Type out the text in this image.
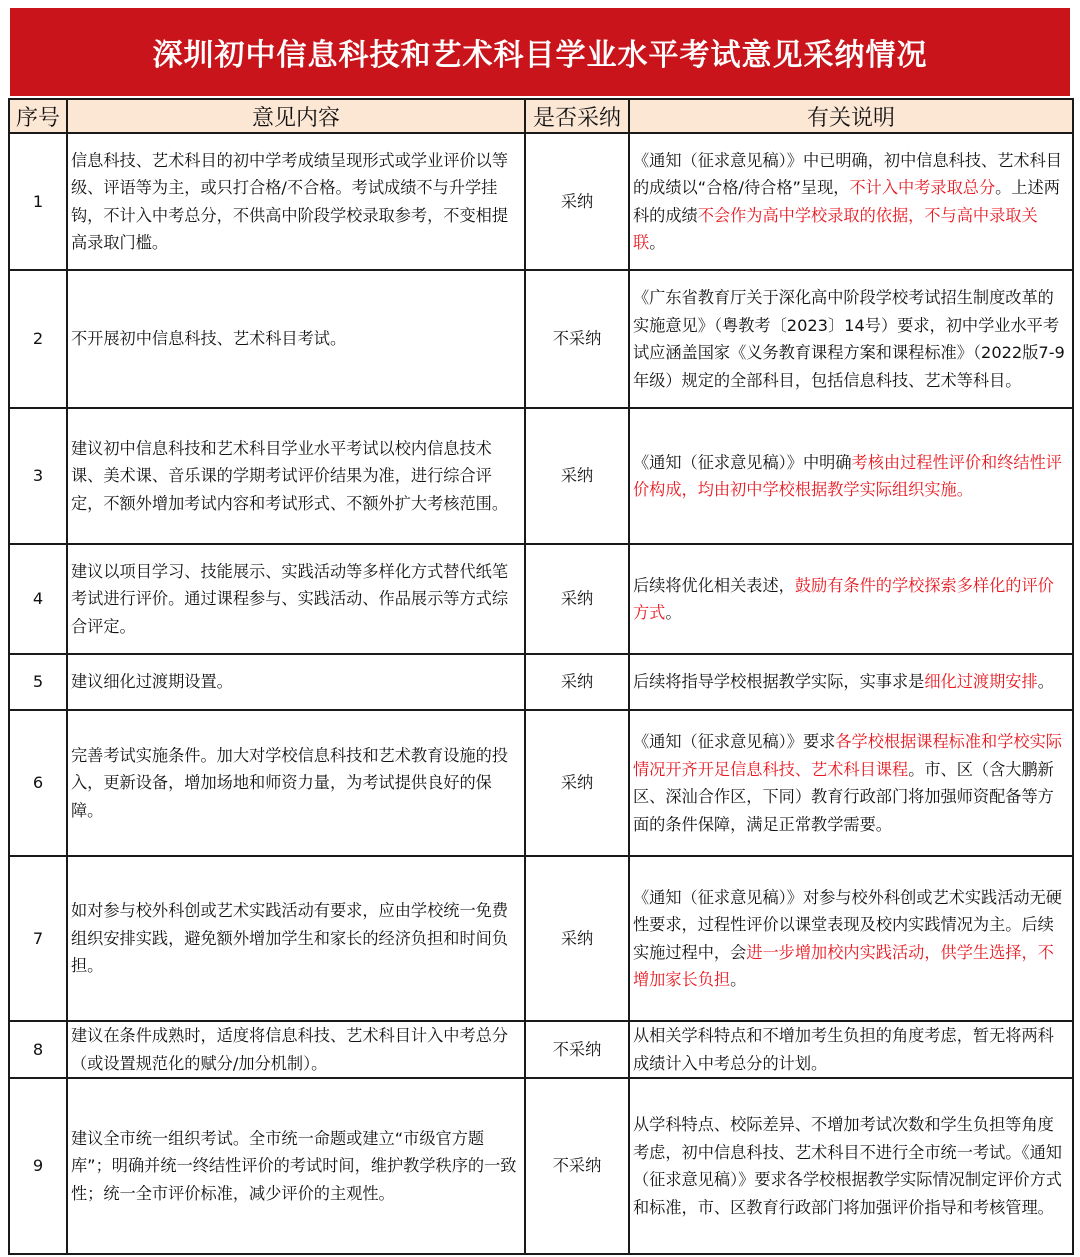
深圳初中信息科技和艺术科目学业水平考试意见采纳情况
序号	意见内容	是否采纳	有关说明
1	信息科技、艺术科目的初中学考成绩呈现形式或学业评价以等级、评语等为主，或只打合格/不合格。考试成绩不与升学挂钩，不计入中考总分，不供高中阶段学校录取参考，不变相提高录取门槛。	采纳	《通知（征求意见稿）》中已明确，初中信息科技、艺术科目的成绩以“合格/待合格”呈现，不计入中考录取总分。上述两科的成绩不会作为高中学校录取的依据，不与高中录取关联。
2	不开展初中信息科技、艺术科目考试。	不采纳	《广东省教育厅关于深化高中阶段学校考试招生制度改革的实施意见》（粤教考〔2023〕14号）要求，初中学业水平考试应涵盖国家《义务教育课程方案和课程标准》（2022版7-9年级）规定的全部科目，包括信息科技、艺术等科目。
3	建议初中信息科技和艺术科目学业水平考试以校内信息技术课、美术课、音乐课的学期考试评价结果为准，进行综合评定，不额外增加考试内容和考试形式、不额外扩大考核范围。	采纳	《通知（征求意见稿）》中明确考核由过程性评价和终结性评价构成，均由初中学校根据教学实际组织实施。
4	建议以项目学习、技能展示、实践活动等多样化方式替代纸笔考试进行评价。通过课程参与、实践活动、作品展示等方式综合评定。	采纳	后续将优化相关表述，鼓励有条件的学校探索多样化的评价方式。
5	建议细化过渡期设置。	采纳	后续将指导学校根据教学实际，实事求是细化过渡期安排。
6	完善考试实施条件。加大对学校信息科技和艺术教育设施的投入，更新设备，增加场地和师资力量，为考试提供良好的保障。	采纳	《通知（征求意见稿）》要求各学校根据课程标准和学校实际情况开齐开足信息科技、艺术科目课程。市、区（含大鹏新区、深汕合作区，下同）教育行政部门将加强师资配备等方面的条件保障，满足正常教学需要。
7	如对参与校外科创或艺术实践活动有要求，应由学校统一免费组织安排实践，避免额外增加学生和家长的经济负担和时间负担。	采纳	《通知（征求意见稿）》对参与校外科创或艺术实践活动无硬性要求，过程性评价以课堂表现及校内实践情况为主。后续实施过程中，会进一步增加校内实践活动，供学生选择，不增加家长负担。
8	建议在条件成熟时，适度将信息科技、艺术科目计入中考总分（或设置规范化的赋分/加分机制）。	不采纳	从相关学科特点和不增加考生负担的角度考虑，暂无将两科成绩计入中考总分的计划。
9	建议全市统一组织考试。全市统一命题或建立“市级官方题库”；明确并统一终结性评价的考试时间，维护教学秩序的一致性；统一全市评价标准，减少评价的主观性。	不采纳	从学科特点、校际差异、不增加考试次数和学生负担等角度考虑，初中信息科技、艺术科目不进行全市统一考试。《通知（征求意见稿）》要求各学校根据教学实际情况制定评价方式和标准，市、区教育行政部门将加强评价指导和考核管理。
